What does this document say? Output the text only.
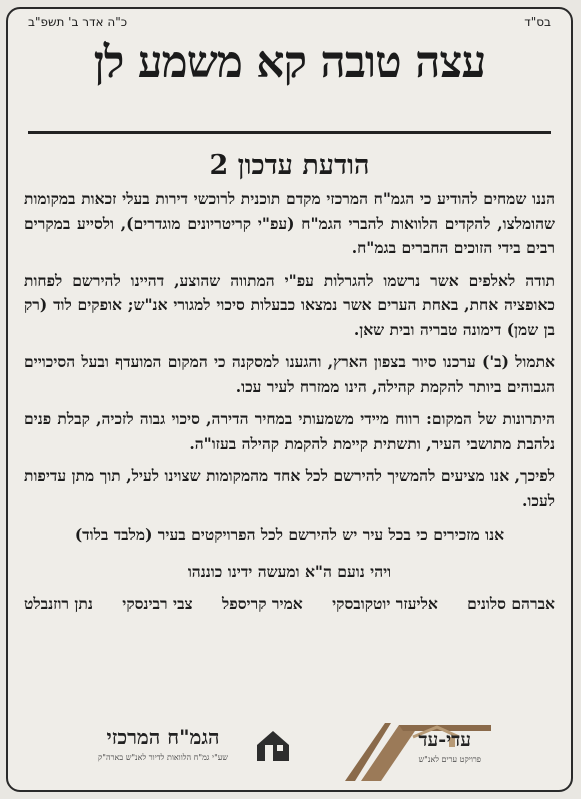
כ"ה אדר ב' תשפ"ב	בס"ד
עצה טובה קא משמע לן
הודעת עדכון 2

הננו שמחים להודיע כי הגמ"ח המרכזי מקדם תוכנית לרוכשי דירות בעלי זכאות במקומות שהומלצו, להקדים הלוואות להברי הגמ"ח (עפ"י קריטריונים מוגדרים), ולסייע במקרים רבים בידי הזוכים החברים בגמ"ח.

תודה לאלפים אשר נרשמו להגרלות עפ"י המתווה שהוצע, דהיינו להירשם לפחות כאופציה אחת, באחת הערים אשר נמצאו כבעלות סיכוי למגורי אנ"ש; אופקים לוד (רק בן שמן) דימונה טבריה ובית שאן.

אתמול (ב') ערכנו סיור בצפון הארץ, והגענו למסקנה כי המקום המועדף ובעל הסיכויים הגבוהים ביותר להקמת קהילה, הינו ממזרח לעיר עכו.

היתרונות של המקום: רווח מיידי משמעותי במחיר הדירה, סיכוי גבוה לזכיה, קבלת פנים נלהבת מתושבי העיר, ותשתית קיימת להקמת קהילה בעזו"ה.

לפיכך, אנו מציעים להמשיך להירשם לכל אחד מהמקומות שצוינו לעיל, תוך מתן עדיפות לעכו.

אנו מזכירים כי בכל עיר יש להירשם לכל הפרויקטים בעיר (מלבד בלוד)

ויהי נועם ה"א ומעשה ידינו כוננהו

אברהם סלונים
אליעזר יוטקובסקי
אמיר קריספל
צבי רבינסקי
נתן רוזנבלט
הגמ"ח המרכזי
שע"י גמ"ח הלוואות לדיור לאנ"ש בארה"ק
עדי-עד
פרויקט ערים לאנ"ש
